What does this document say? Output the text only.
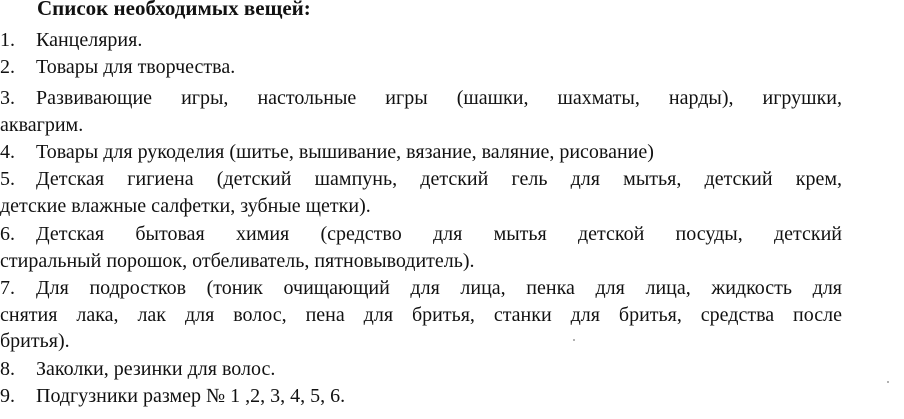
Список необходимых вещей:
1.	Канцелярия.
2.	Товары для творчества.
3.	Развивающие игры, настольные игры (шашки, шахматы, нарды), игрушки,
аквагрим.
4.	Товары для рукоделия (шитье, вышивание, вязание, валяние, рисование)
5.	Детская гигиена (детский шампунь, детский гель для мытья, детский крем,
детские влажные салфетки, зубные щетки).
6.	Детская бытовая химия (средство для мытья детской посуды, детский
стиральный порошок, отбеливатель, пятновыводитель).
7.	Для подростков (тоник очищающий для лица, пенка для лица, жидкость для
снятия лака, лак для волос, пена для бритья, станки для бритья, средства после
бритья).
8.	Заколки, резинки для волос.
9.	Подгузники размер № 1 ,2, 3, 4, 5, 6.
